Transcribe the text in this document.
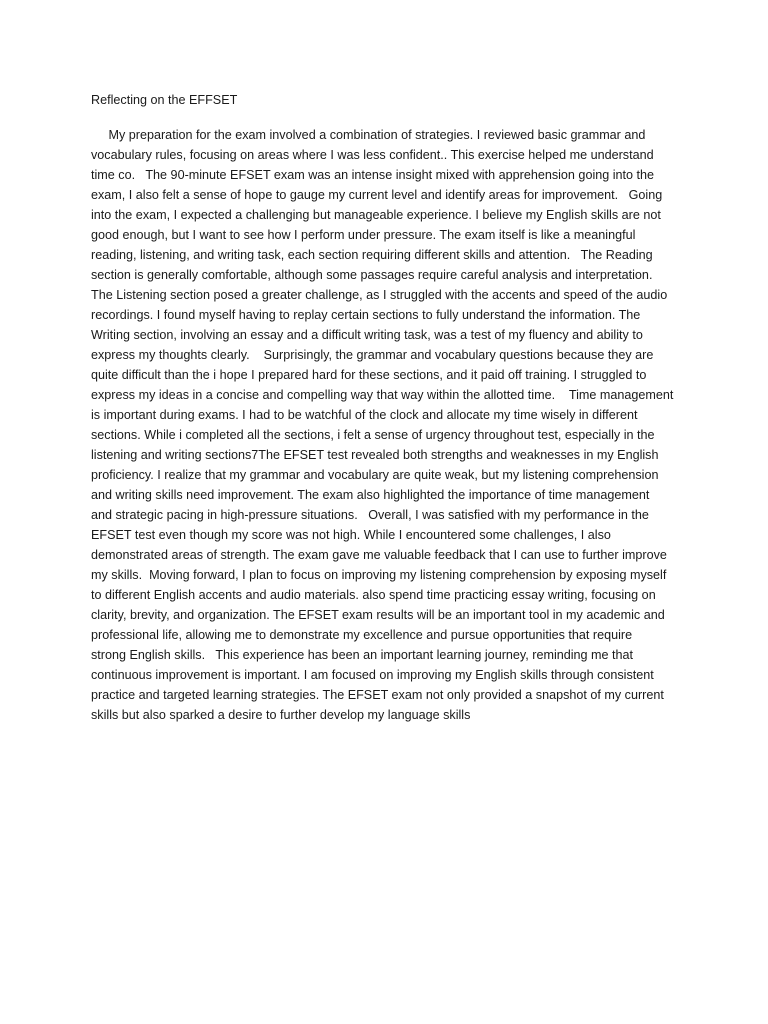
Reflecting on the EFFSET
My preparation for the exam involved a combination of strategies. I reviewed basic grammar and
vocabulary rules, focusing on areas where I was less confident.. This exercise helped me understand
time co.   The 90-minute EFSET exam was an intense insight mixed with apprehension going into the
exam, I also felt a sense of hope to gauge my current level and identify areas for improvement.   Going
into the exam, I expected a challenging but manageable experience. I believe my English skills are not
good enough, but I want to see how I perform under pressure. The exam itself is like a meaningful
reading, listening, and writing task, each section requiring different skills and attention.   The Reading
section is generally comfortable, although some passages require careful analysis and interpretation.
The Listening section posed a greater challenge, as I struggled with the accents and speed of the audio
recordings. I found myself having to replay certain sections to fully understand the information. The
Writing section, involving an essay and a difficult writing task, was a test of my fluency and ability to
express my thoughts clearly.    Surprisingly, the grammar and vocabulary questions because they are
quite difficult than the i hope I prepared hard for these sections, and it paid off training. I struggled to
express my ideas in a concise and compelling way that way within the allotted time.    Time management
is important during exams. I had to be watchful of the clock and allocate my time wisely in different
sections. While i completed all the sections, i felt a sense of urgency throughout test, especially in the
listening and writing sections7The EFSET test revealed both strengths and weaknesses in my English
proficiency. I realize that my grammar and vocabulary are quite weak, but my listening comprehension
and writing skills need improvement. The exam also highlighted the importance of time management
and strategic pacing in high-pressure situations.   Overall, I was satisfied with my performance in the
EFSET test even though my score was not high. While I encountered some challenges, I also
demonstrated areas of strength. The exam gave me valuable feedback that I can use to further improve
my skills.  Moving forward, I plan to focus on improving my listening comprehension by exposing myself
to different English accents and audio materials. also spend time practicing essay writing, focusing on
clarity, brevity, and organization. The EFSET exam results will be an important tool in my academic and
professional life, allowing me to demonstrate my excellence and pursue opportunities that require
strong English skills.   This experience has been an important learning journey, reminding me that
continuous improvement is important. I am focused on improving my English skills through consistent
practice and targeted learning strategies. The EFSET exam not only provided a snapshot of my current
skills but also sparked a desire to further develop my language skills
